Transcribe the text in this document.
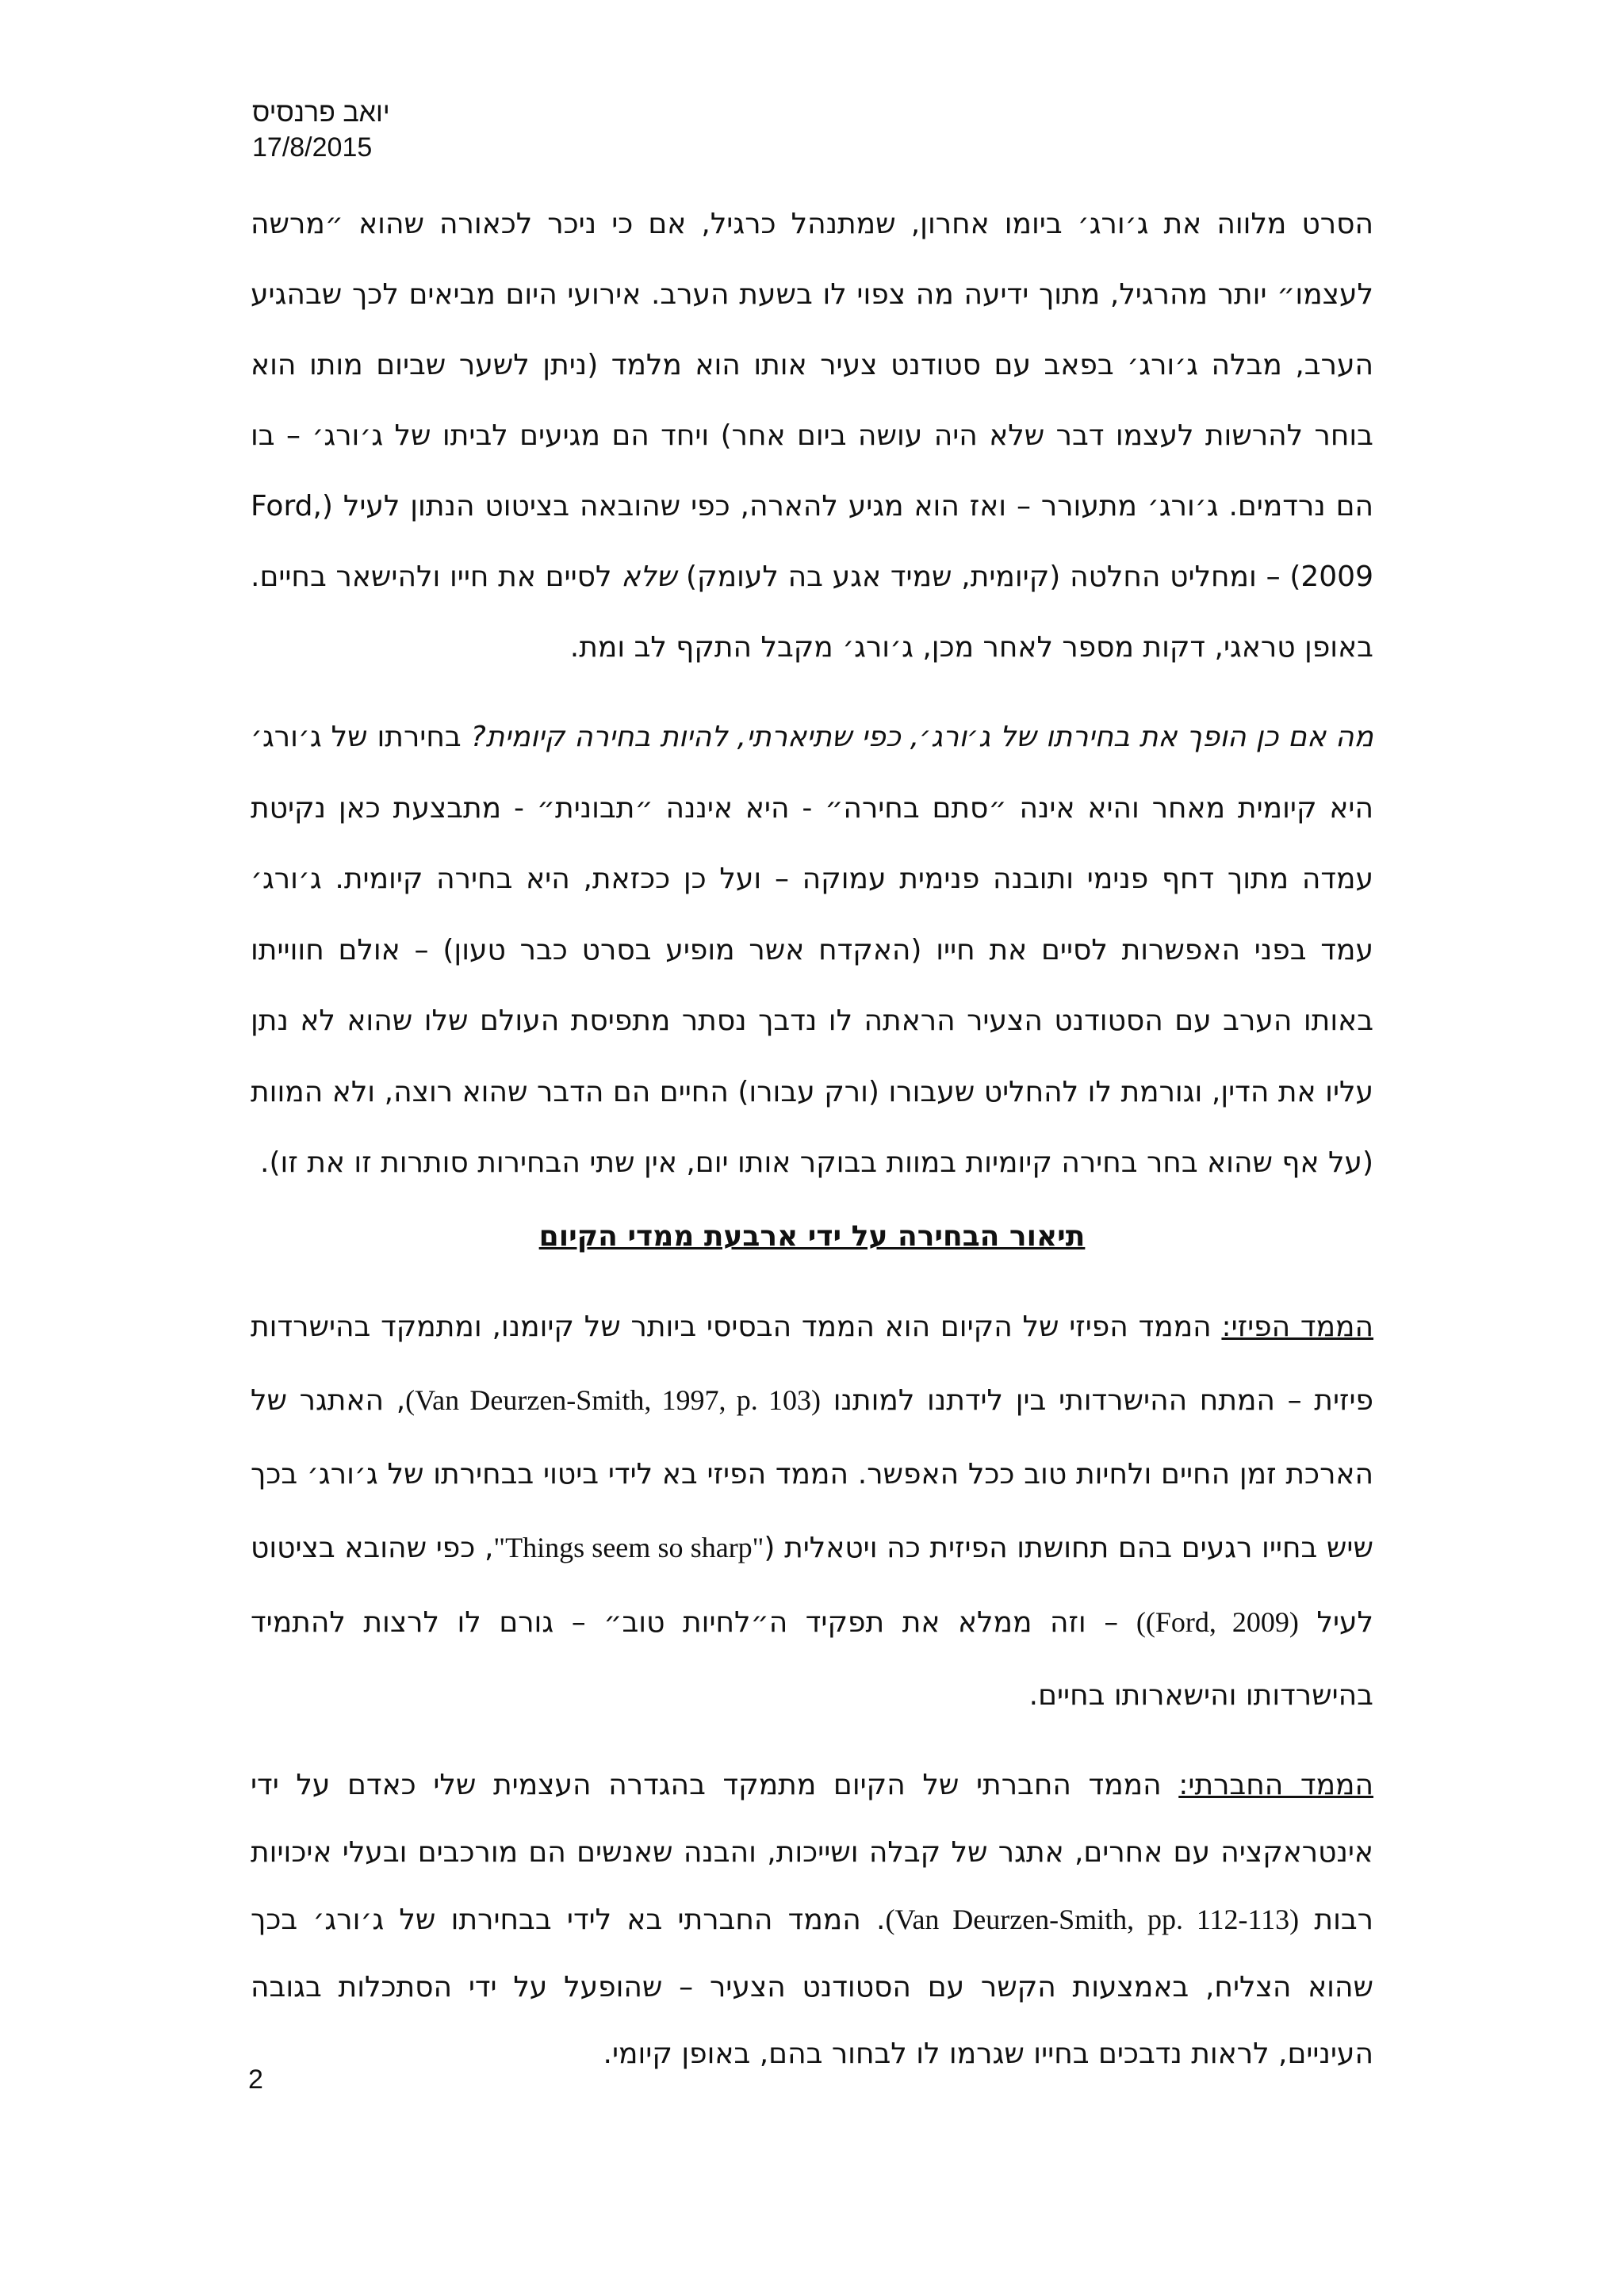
יואב פרנסיס
17/8/2015

הסרט מלווה את ג׳ורג׳ ביומו אחרון, שמתנהל כרגיל, אם כי ניכר לכאורה שהוא ״מרשה לעצמו״ יותר מהרגיל, מתוך ידיעה מה צפוי לו בשעת הערב. אירועי היום מביאים לכך שבהגיע הערב, מבלה ג׳ורג׳ בפאב עם סטודנט צעיר אותו הוא מלמד (ניתן לשער שביום מותו הוא בוחר להרשות לעצמו דבר שלא היה עושה ביום אחר) ויחד הם מגיעים לביתו של ג׳ורג׳ – בו הם נרדמים. ג׳ורג׳ מתעורר – ואז הוא מגיע להארה, כפי שהובאה בציטוט הנתון לעיל (Ford, 2009) – ומחליט החלטה (קיומית, שמיד אגע בה לעומק) שלא לסיים את חייו ולהישאר בחיים. באופן טראגי, דקות מספר לאחר מכן, ג׳ורג׳ מקבל התקף לב ומת.

מה אם כן הופך את בחירתו של ג׳ורג׳, כפי שתיארתי, להיות בחירה קיומית? בחירתו של ג׳ורג׳ היא קיומית מאחר והיא אינה ״סתם בחירה״ - היא איננה ״תבונית״ - מתבצעת כאן נקיטת עמדה מתוך דחף פנימי ותובנה פנימית עמוקה – ועל כן ככזאת, היא בחירה קיומית. ג׳ורג׳ עמד בפני האפשרות לסיים את חייו (האקדח אשר מופיע בסרט כבר טעון) – אולם חווייתו באותו הערב עם הסטודנט הצעיר הראתה לו נדבך נסתר מתפיסת העולם שלו שהוא לא נתן עליו את הדין, וגורמת לו להחליט שעבורו (ורק עבורו) החיים הם הדבר שהוא רוצה, ולא המוות (על אף שהוא בחר בחירה קיומיות במוות בבוקר אותו יום, אין שתי הבחירות סותרות זו את זו).

תיאור הבחירה על ידי ארבעת ממדי הקיום

הממד הפיזי: הממד הפיזי של הקיום הוא הממד הבסיסי ביותר של קיומנו, ומתמקד בהישרדות פיזית – המתח ההישרדותי בין לידתנו למותנו (Van Deurzen-Smith, 1997, p. 103), האתגר של הארכת זמן החיים ולחיות טוב ככל האפשר. הממד הפיזי בא לידי ביטוי בבחירתו של ג׳ורג׳ בכך שיש בחייו רגעים בהם תחושתו הפיזית כה ויטאלית ("Things seem so sharp", כפי שהובא בציטוט לעיל ((Ford, 2009) – וזה ממלא את תפקיד ה״לחיות טוב״ – גורם לו לרצות להתמיד בהישרדותו והישארותו בחיים.

הממד החברתי: הממד החברתי של הקיום מתמקד בהגדרה העצמית שלי כאדם על ידי אינטראקציה עם אחרים, אתגר של קבלה ושייכות, והבנה שאנשים הם מורכבים ובעלי איכויות רבות (Van Deurzen-Smith, pp. 112-113). הממד החברתי בא לידי בבחירתו של ג׳ורג׳ בכך שהוא הצליח, באמצעות הקשר עם הסטודנט הצעיר – שהופעל על ידי הסתכלות בגובה העיניים, לראות נדבכים בחייו שגרמו לו לבחור בהם, באופן קיומי.

2
